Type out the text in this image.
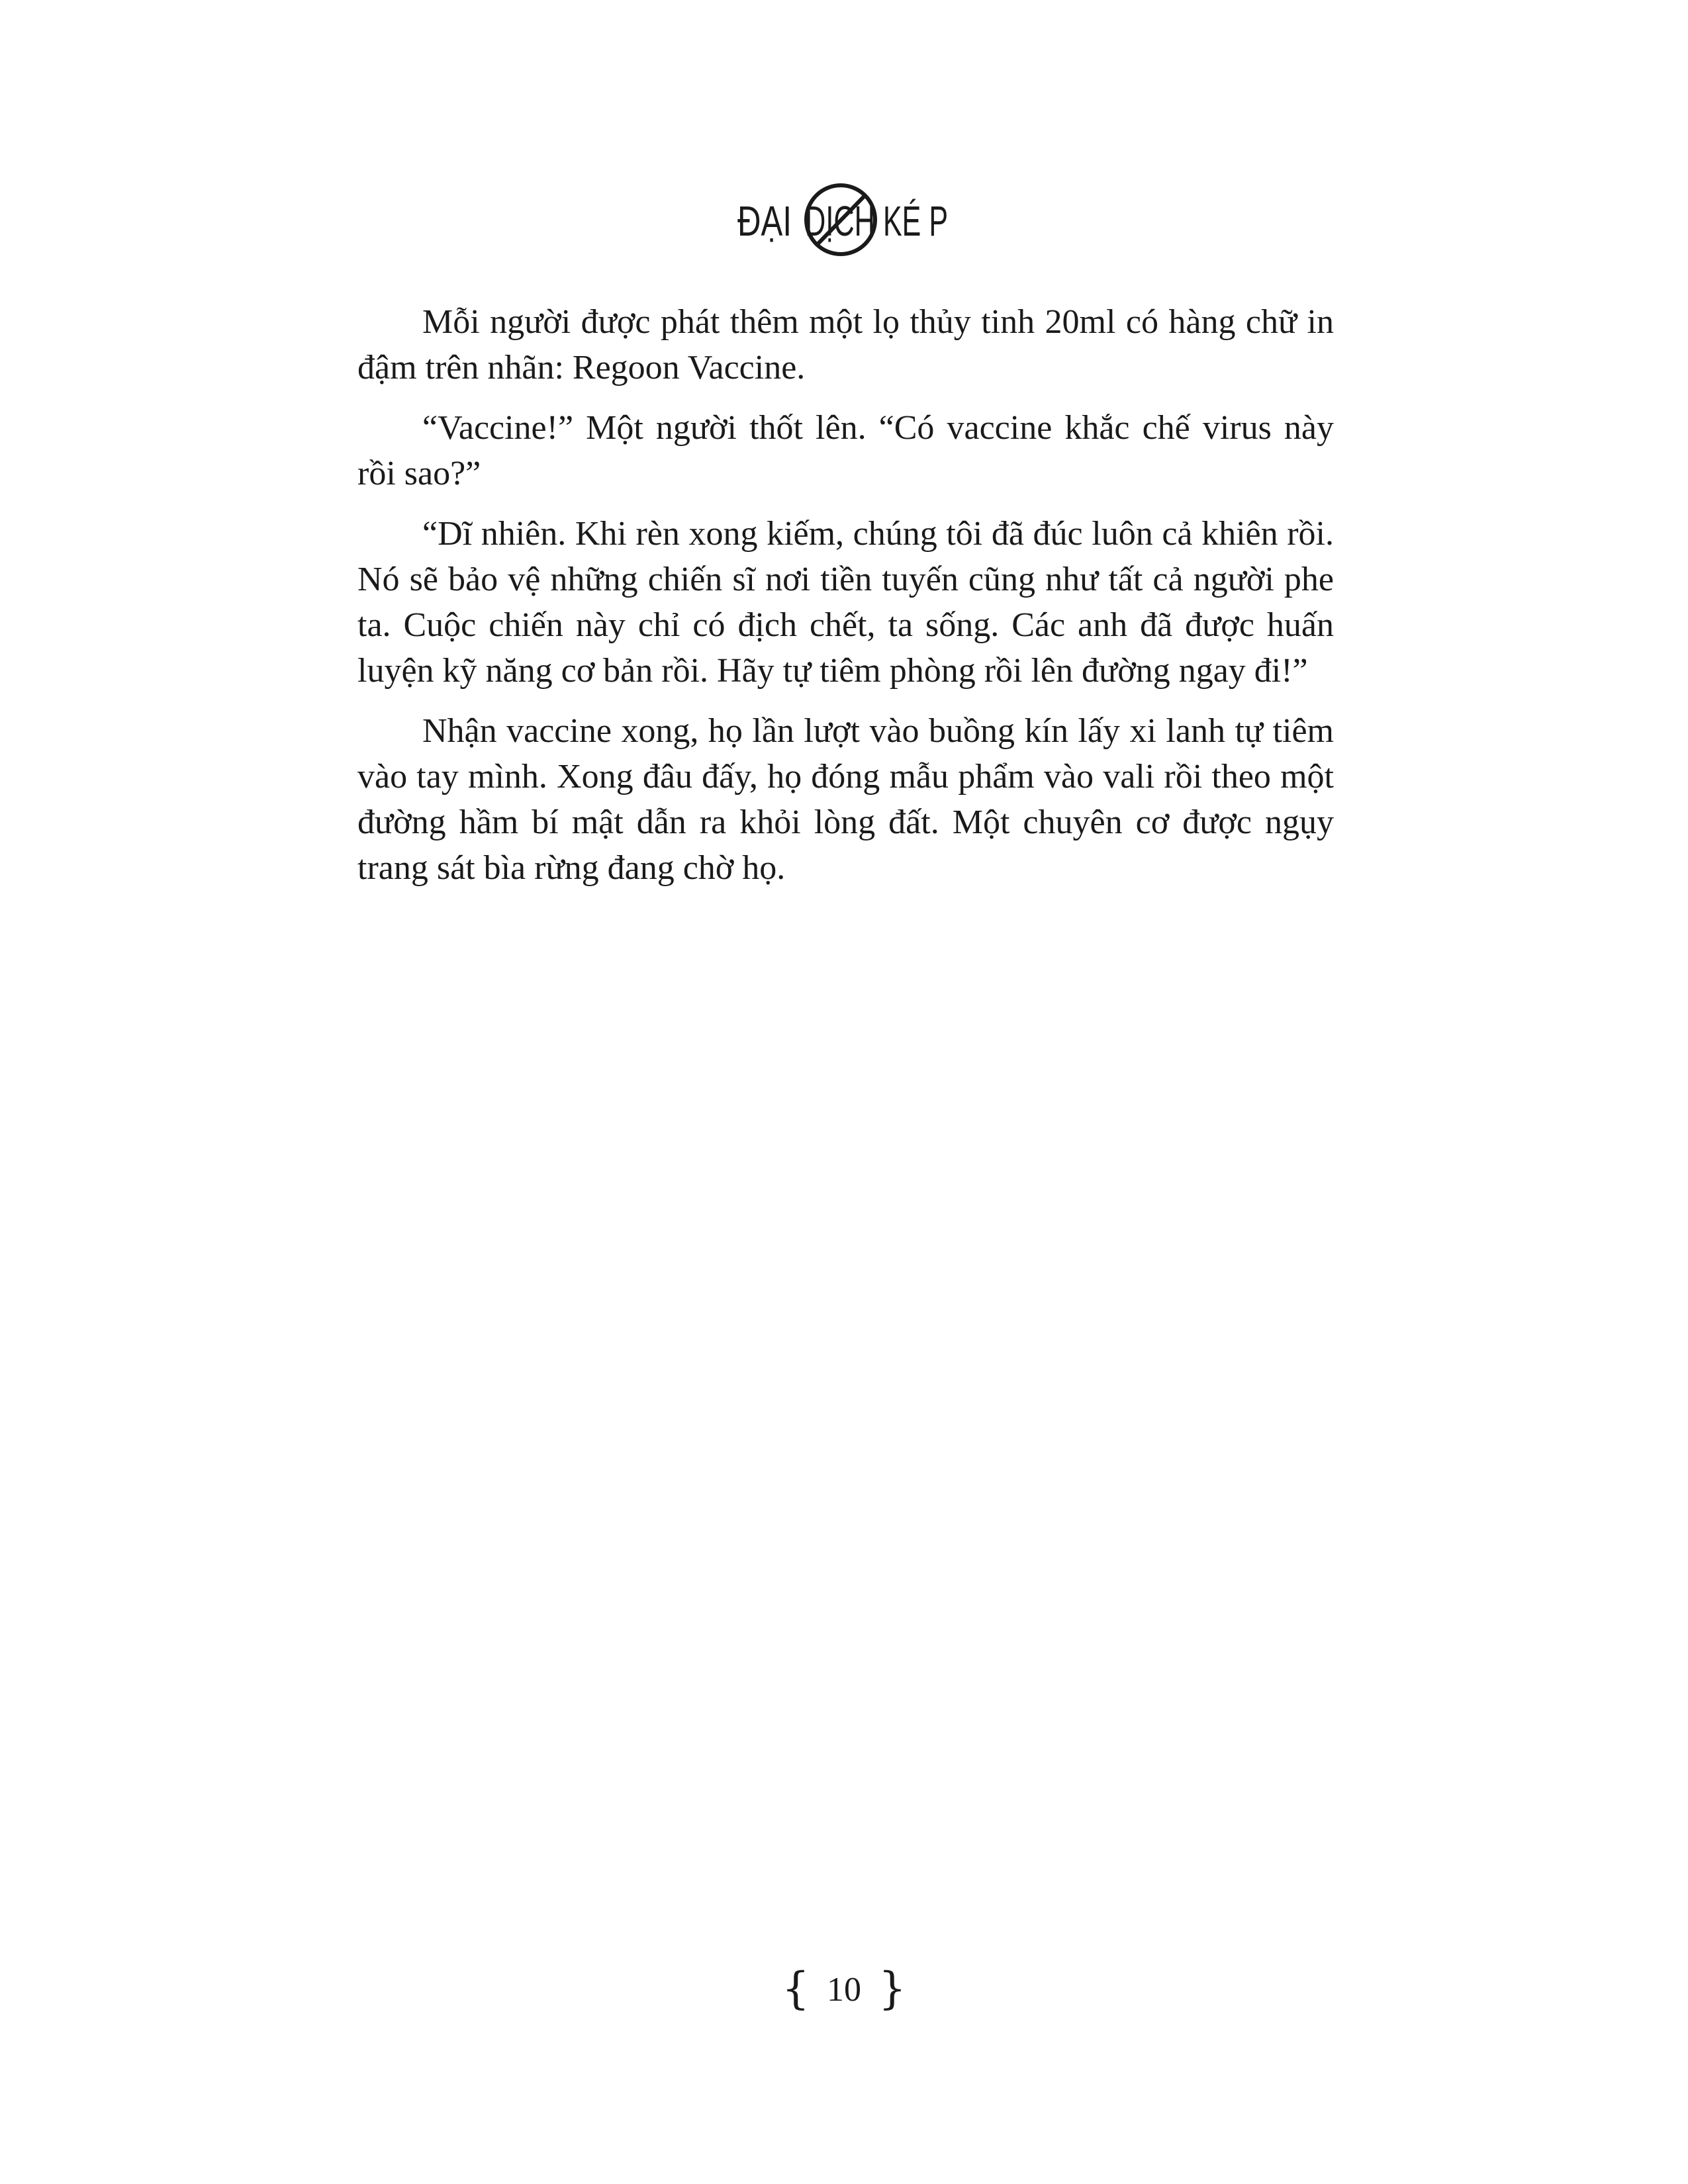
ĐẠI DỊCH KÉ P

Mỗi người được phát thêm một lọ thủy tinh 20ml có hàng chữ in đậm trên nhãn: Regoon Vaccine.

“Vaccine!” Một người thốt lên. “Có vaccine khắc chế virus này rồi sao?”

“Dĩ nhiên. Khi rèn xong kiếm, chúng tôi đã đúc luôn cả khiên rồi. Nó sẽ bảo vệ những chiến sĩ nơi tiền tuyến cũng như tất cả người phe ta. Cuộc chiến này chỉ có địch chết, ta sống. Các anh đã được huấn luyện kỹ năng cơ bản rồi. Hãy tự tiêm phòng rồi lên đường ngay đi!”

Nhận vaccine xong, họ lần lượt vào buồng kín lấy xi lanh tự tiêm vào tay mình. Xong đâu đấy, họ đóng mẫu phẩm vào vali rồi theo một đường hầm bí mật dẫn ra khỏi lòng đất. Một chuyên cơ được ngụy trang sát bìa rừng đang chờ họ.

{ 10 }
